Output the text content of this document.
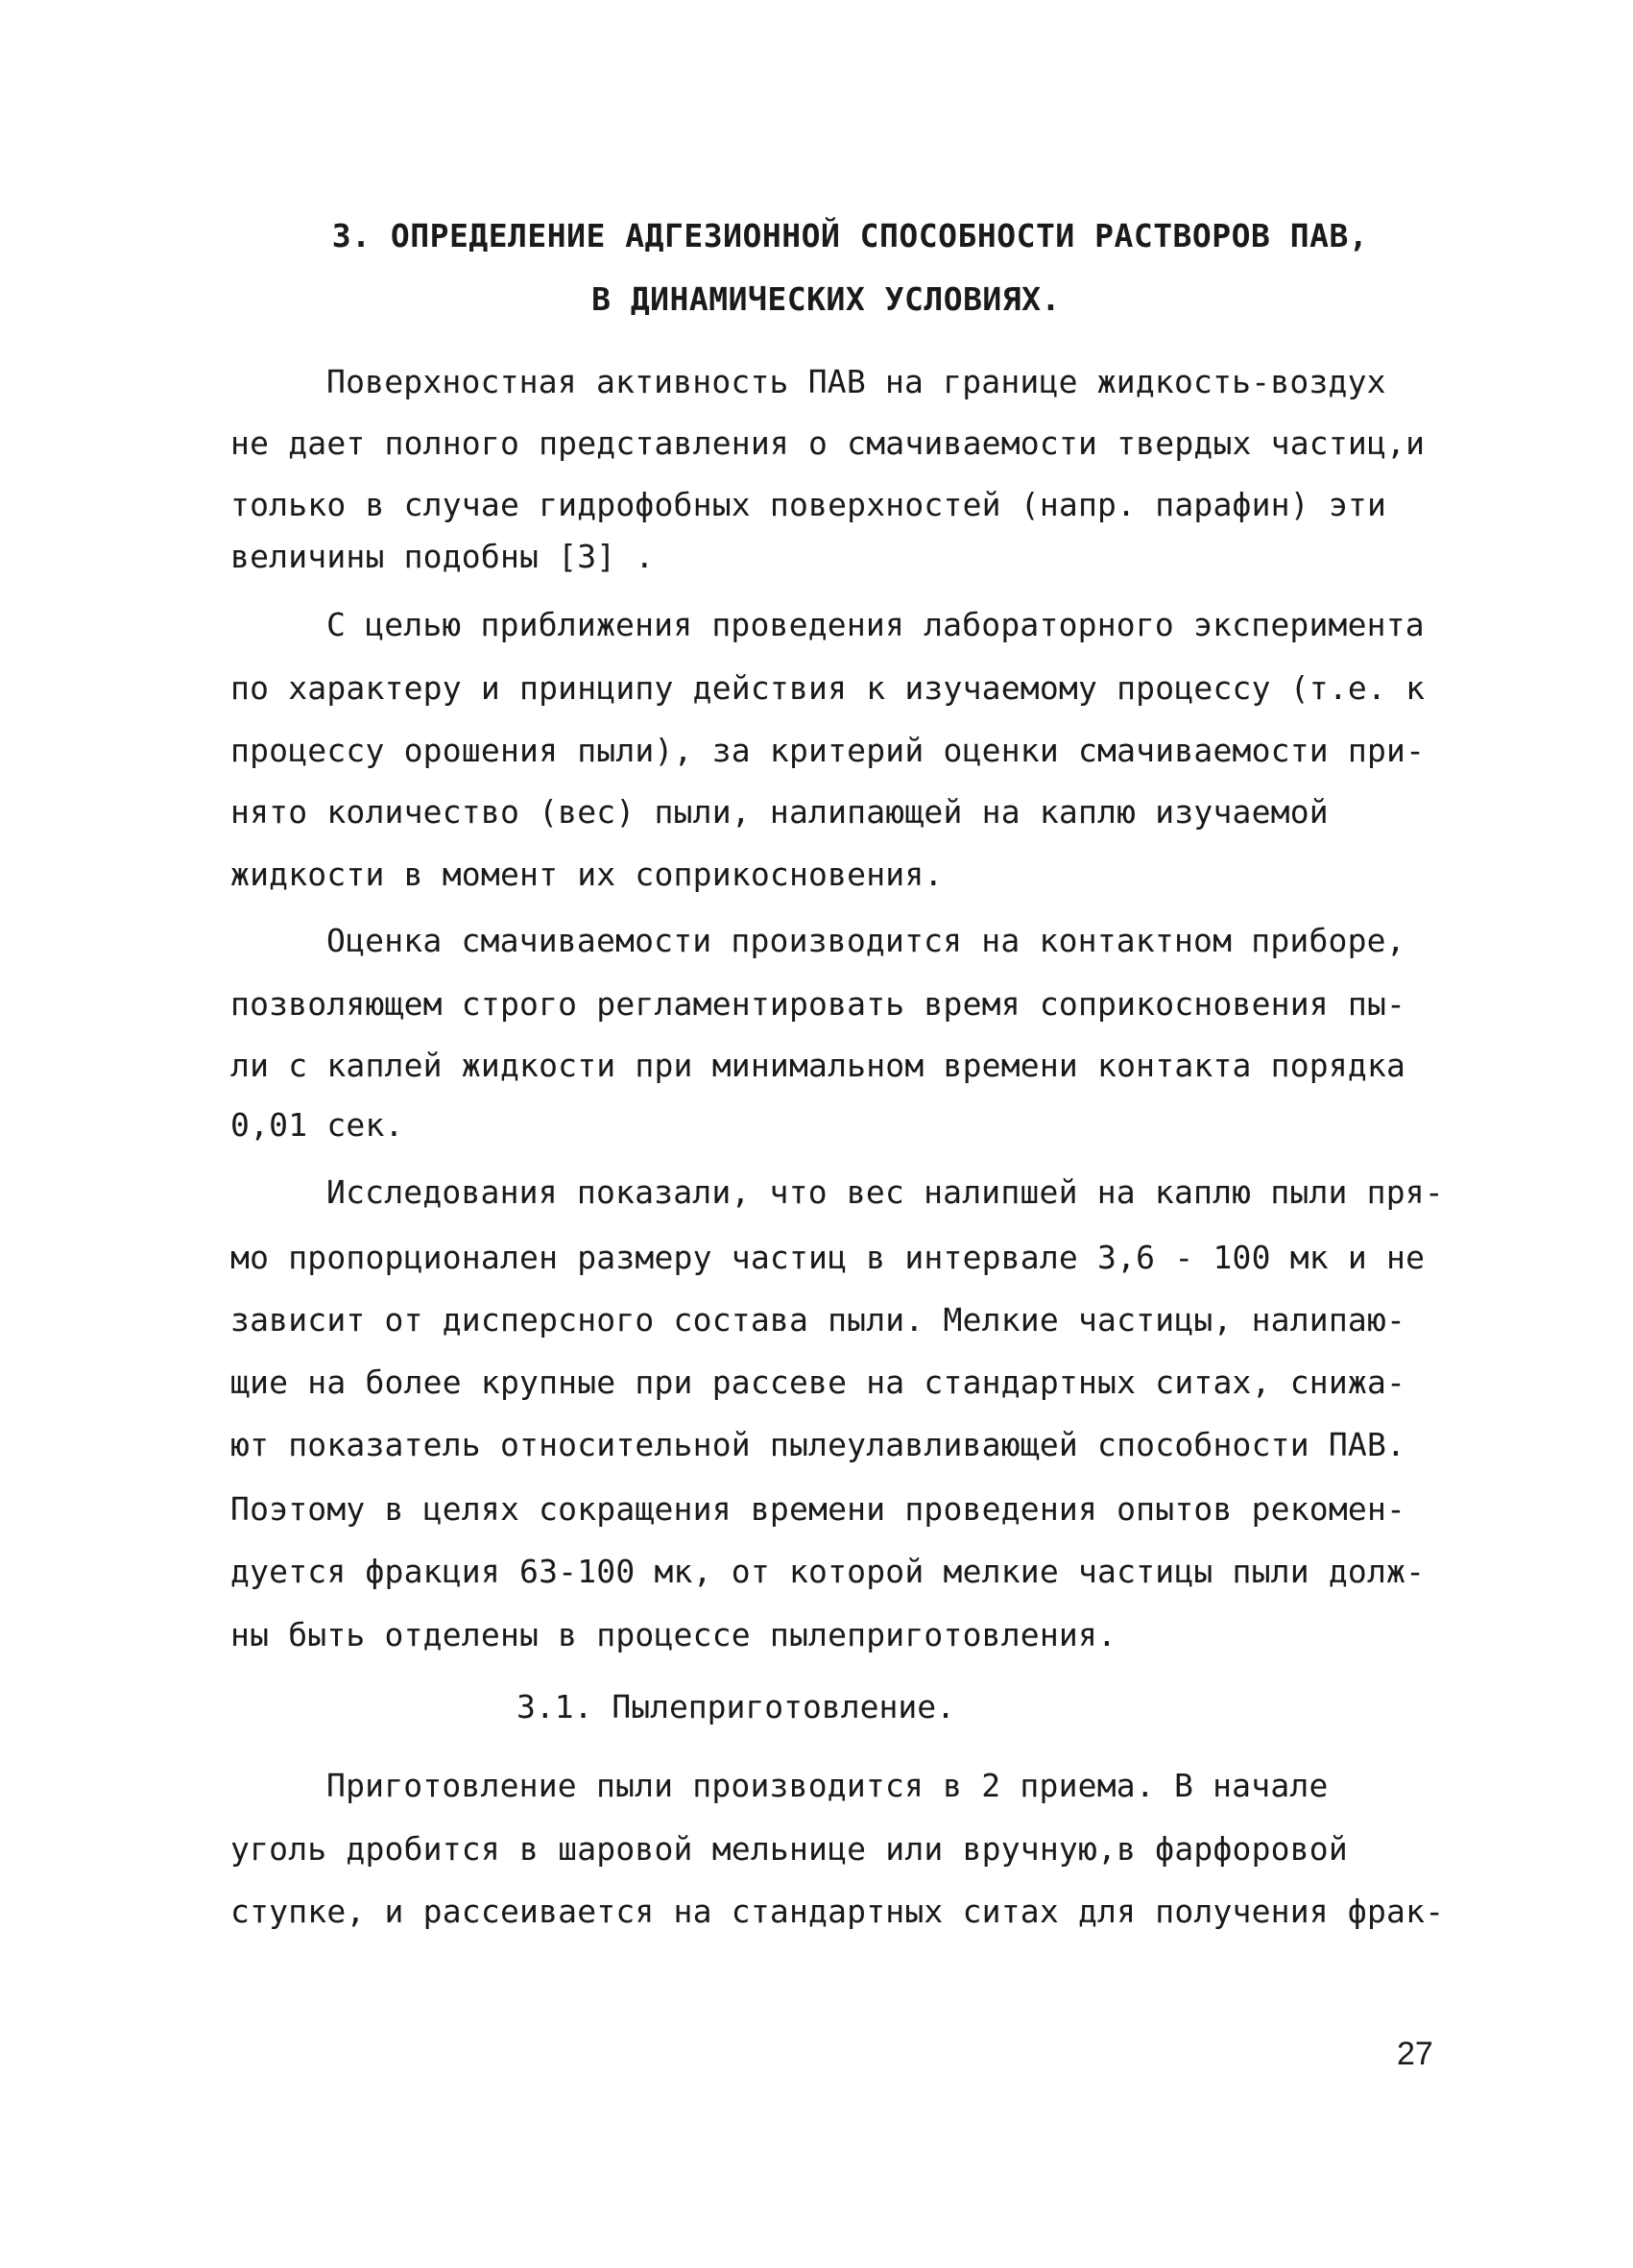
3. ОПРЕДЕЛЕНИЕ АДГЕЗИОННОЙ СПОСОБНОСТИ РАСТВОРОВ ПАВ,
В ДИНАМИЧЕСКИХ УСЛОВИЯХ.
Поверхностная активность ПАВ на границе жидкость-воздух
не дает полного представления о смачиваемости твердых частиц,и
только в случае гидрофобных поверхностей (напр. парафин) эти
величины подобны [3] .
С целью приближения проведения лабораторного эксперимента
по характеру и принципу действия к изучаемому процессу (т.е. к
процессу орошения пыли), за критерий оценки смачиваемости при-
нято количество (вес) пыли, налипающей на каплю изучаемой
жидкости в момент их соприкосновения.
Оценка смачиваемости производится на контактном приборе,
позволяющем строго регламентировать время соприкосновения пы-
ли с каплей жидкости при минимальном времени контакта порядка
0,01 сек.
Исследования показали, что вес налипшей на каплю пыли пря-
мо пропорционален размеру частиц в интервале 3,6 - 100 мк и не
зависит от дисперсного состава пыли. Мелкие частицы, налипаю-
щие на более крупные при рассеве на стандартных ситах, снижа-
ют показатель относительной пылеулавливающей способности ПАВ.
Поэтому в целях сокращения времени проведения опытов рекомен-
дуется фракция 63-100 мк, от которой мелкие частицы пыли долж-
ны быть отделены в процессе пылеприготовления.
3.1. Пылеприготовление.
Приготовление пыли производится в 2 приема. В начале
уголь дробится в шаровой мельнице или вручную,в фарфоровой
ступке, и рассеивается на стандартных ситах для получения фрак-
27
